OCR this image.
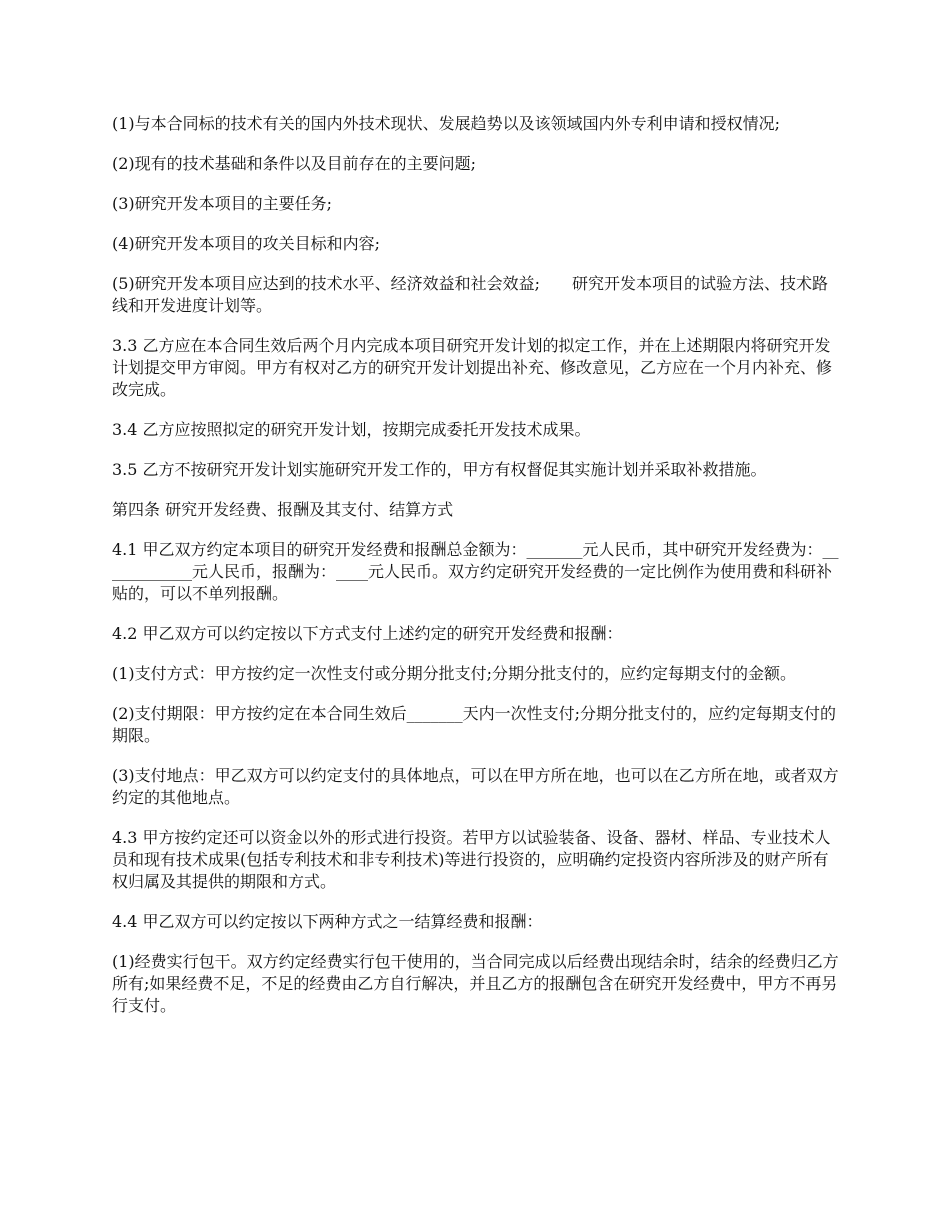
(1)与本合同标的技术有关的国内外技术现状、发展趋势以及该领域国内外专利申请和授权情况;

(2)现有的技术基础和条件以及目前存在的主要问题;

(3)研究开发本项目的主要任务;

(4)研究开发本项目的攻关目标和内容;

(5)研究开发本项目应达到的技术水平、经济效益和社会效益;　　研究开发本项目的试验方法、技术路线和开发进度计划等。

3.3 乙方应在本合同生效后两个月内完成本项目研究开发计划的拟定工作，并在上述期限内将研究开发计划提交甲方审阅。甲方有权对乙方的研究开发计划提出补充、修改意见，乙方应在一个月内补充、修改完成。

3.4 乙方应按照拟定的研究开发计划，按期完成委托开发技术成果。

3.5 乙方不按研究开发计划实施研究开发工作的，甲方有权督促其实施计划并采取补救措施。

第四条 研究开发经费、报酬及其支付、结算方式

4.1 甲乙双方约定本项目的研究开发经费和报酬总金额为：_______元人民币，其中研究开发经费为：____________元人民币，报酬为：____元人民币。双方约定研究开发经费的一定比例作为使用费和科研补贴的，可以不单列报酬。

4.2 甲乙双方可以约定按以下方式支付上述约定的研究开发经费和报酬：

(1)支付方式：甲方按约定一次性支付或分期分批支付;分期分批支付的，应约定每期支付的金额。

(2)支付期限：甲方按约定在本合同生效后_______天内一次性支付;分期分批支付的，应约定每期支付的期限。

(3)支付地点：甲乙双方可以约定支付的具体地点，可以在甲方所在地，也可以在乙方所在地，或者双方约定的其他地点。

4.3 甲方按约定还可以资金以外的形式进行投资。若甲方以试验装备、设备、器材、样品、专业技术人员和现有技术成果(包括专利技术和非专利技术)等进行投资的，应明确约定投资内容所涉及的财产所有权归属及其提供的期限和方式。

4.4 甲乙双方可以约定按以下两种方式之一结算经费和报酬：

(1)经费实行包干。双方约定经费实行包干使用的，当合同完成以后经费出现结余时，结余的经费归乙方所有;如果经费不足，不足的经费由乙方自行解决，并且乙方的报酬包含在研究开发经费中，甲方不再另行支付。
